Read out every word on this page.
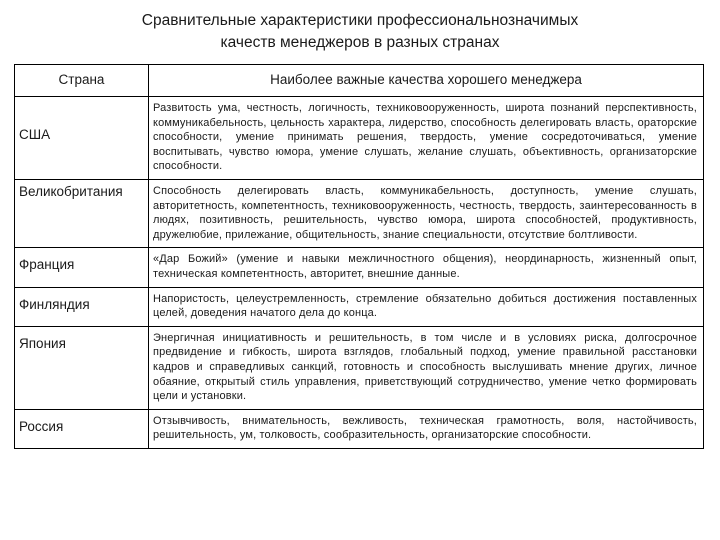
Сравнительные характеристики профессиональнозначимых
качеств менеджеров в разных странах
Страна	Наиболее важные качества хорошего менеджера
США	Развитость ума, честность, логичность, техниковооруженность, широта познаний перспективность, коммуникабельность, цельность характера, лидерство, способность делегировать власть, ораторские способности, умение принимать решения, твердость, умение сосредоточиваться, умение воспитывать, чувство юмора, умение слушать, желание слушать, объективность, организаторские способности.
Великобритания	Способность делегировать власть, коммуникабельность, доступность, умение слушать, авторитетность, компетентность, техниковооруженность, честность, твердость, заинтересованность в людях, позитивность, решительность, чувство юмора, широта способностей, продуктивность, дружелюбие, прилежание, общительность, знание специальности, отсутствие болтливости.
Франция	«Дар Божий» (умение и навыки межличностного общения), неординарность, жизненный опыт, техническая компетентность, авторитет, внешние данные.
Финляндия	Напористость, целеустремленность, стремление обязательно добиться достижения поставленных целей, доведения начатого дела до конца.
Япония	Энергичная инициативность и решительность, в том числе и в условиях риска, долгосрочное предвидение и гибкость, широта взглядов, глобальный подход, умение правильной расстановки кадров и справедливых санкций, готовность и способность выслушивать мнение других, личное обаяние, открытый стиль управления, приветствующий сотрудничество, умение четко формировать цели и установки.
Россия	Отзывчивость, внимательность, вежливость, техническая грамотность, воля, настойчивость, решительность, ум, толковость, сообразительность, организаторские способности.
